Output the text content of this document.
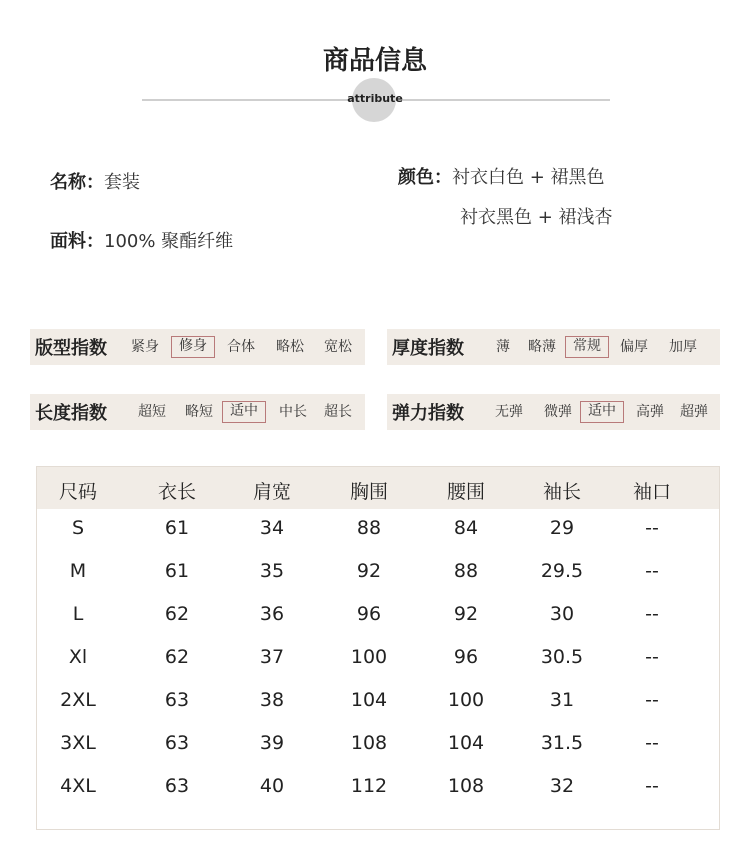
商品信息
attribute
名称：套装
面料：100% 聚酯纤维
颜色：衬衣白色 + 裙黑色
衬衣黑色 + 裙浅杏
版型指数	紧身	修身	合体	略松	宽松 厚度指数	薄	略薄	常规	偏厚	加厚
长度指数	超短	略短	适中	中长	超长 弹力指数	无弹	微弹	适中	高弹	超弹
尺码	衣长	肩宽	胸围	腰围	袖长	袖口
S	61	34	88	84	29	--
M	61	35	92	88	29.5	--
L	62	36	96	92	30	--
Xl	62	37	100	96	30.5	--
2XL	63	38	104	100	31	--
3XL	63	39	108	104	31.5	--
4XL	63	40	112	108	32	--
